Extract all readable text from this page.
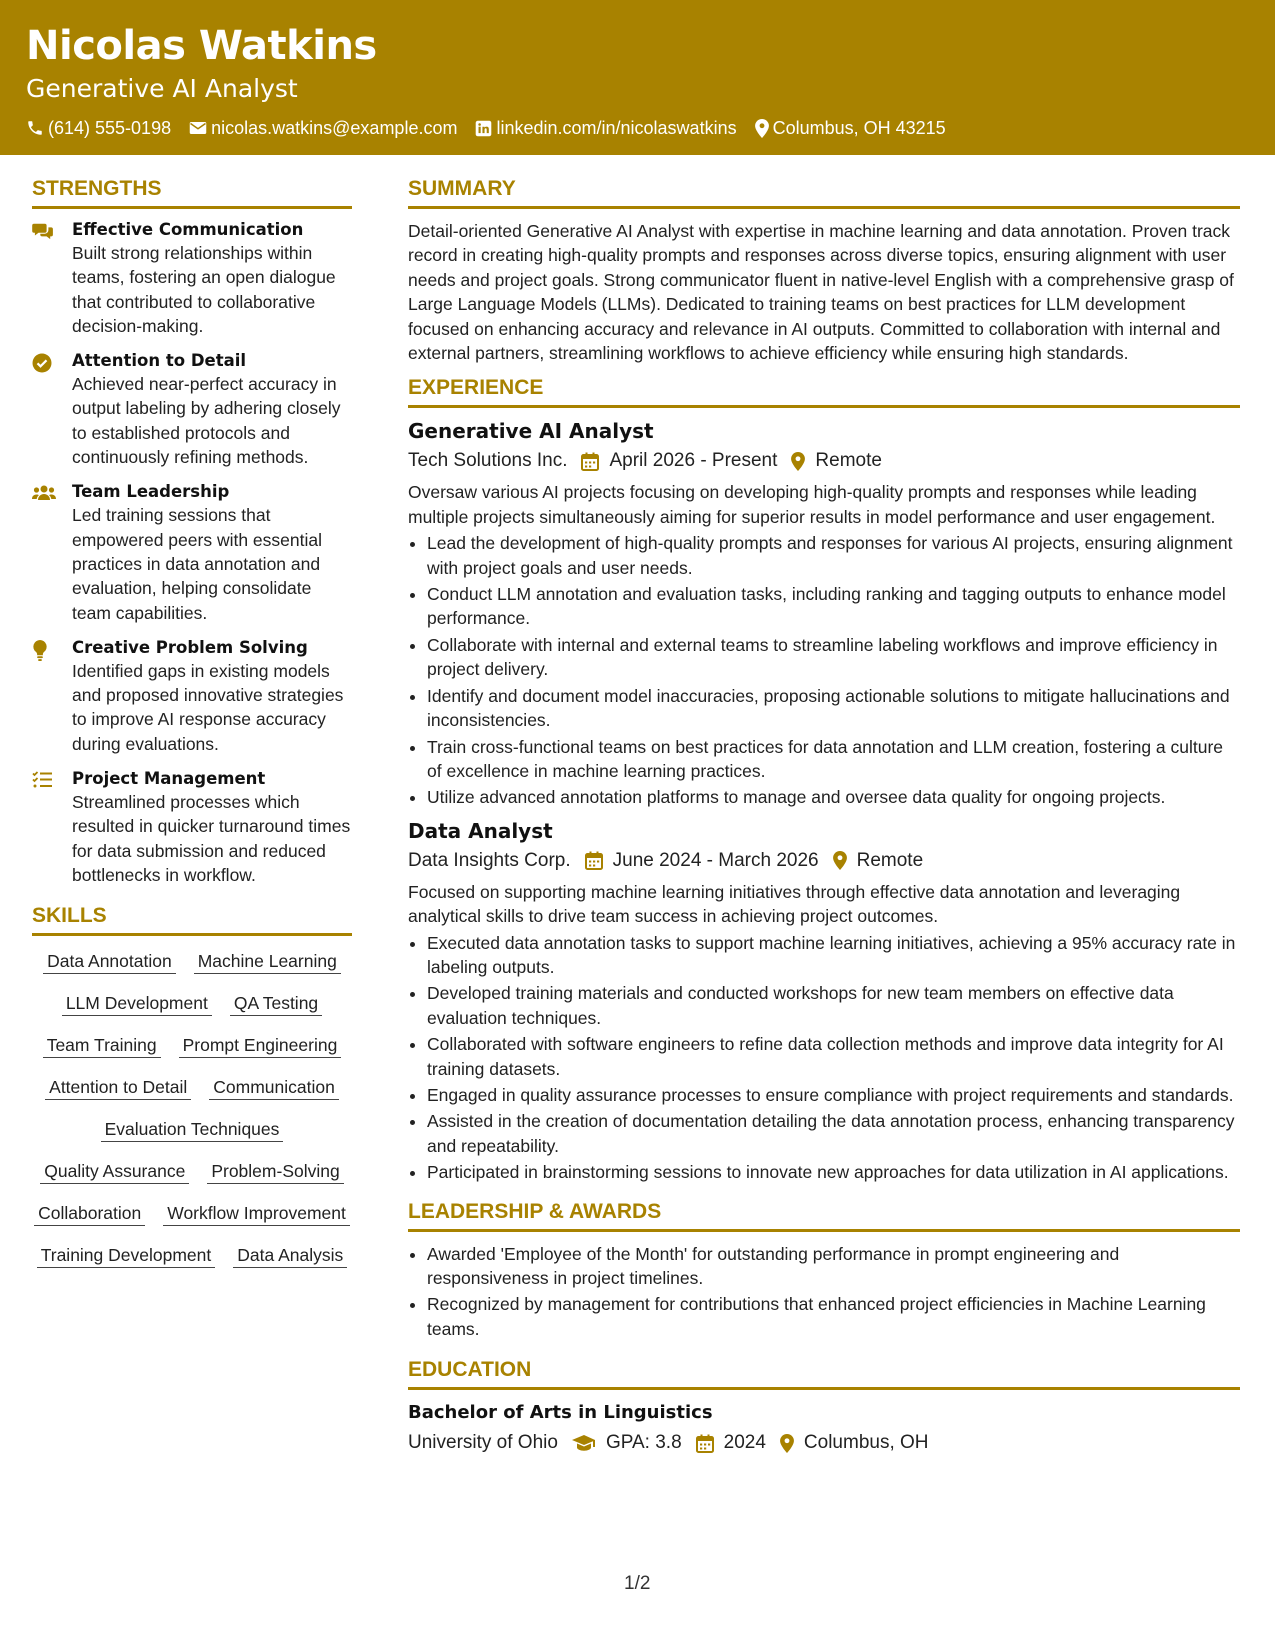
Nicolas Watkins
Generative AI Analyst
(614) 555-0198 nicolas.watkins@example.com linkedin.com/in/nicolaswatkins Columbus, OH 43215
STRENGTHS
Effective Communication
Built strong relationships within teams, fostering an open dialogue that contributed to collaborative decision-making.
Attention to Detail
Achieved near-perfect accuracy in output labeling by adhering closely to established protocols and continuously refining methods.
Team Leadership
Led training sessions that empowered peers with essential practices in data annotation and evaluation, helping consolidate team capabilities.
Creative Problem Solving
Identified gaps in existing models and proposed innovative strategies to improve AI response accuracy during evaluations.
Project Management
Streamlined processes which resulted in quicker turnaround times for data submission and reduced bottlenecks in workflow.
SKILLS
Data Annotation Machine Learning
LLM Development QA Testing
Team Training Prompt Engineering
Attention to Detail Communication
Evaluation Techniques
Quality Assurance Problem-Solving
Collaboration Workflow Improvement
Training Development Data Analysis
SUMMARY

Detail-oriented Generative AI Analyst with expertise in machine learning and data annotation. Proven track record in creating high-quality prompts and responses across diverse topics, ensuring alignment with user needs and project goals. Strong communicator fluent in native-level English with a comprehensive grasp of Large Language Models (LLMs). Dedicated to training teams on best practices for LLM development focused on enhancing accuracy and relevance in AI outputs. Committed to collaboration with internal and external partners, streamlining workflows to achieve efficiency while ensuring high standards.

EXPERIENCE
Generative AI Analyst
Tech Solutions Inc. April 2026 - Present Remote
Oversaw various AI projects focusing on developing high-quality prompts and responses while leading multiple projects simultaneously aiming for superior results in model performance and user engagement.
• Lead the development of high-quality prompts and responses for various AI projects, ensuring alignment with project goals and user needs.
• Conduct LLM annotation and evaluation tasks, including ranking and tagging outputs to enhance model performance.
• Collaborate with internal and external teams to streamline labeling workflows and improve efficiency in project delivery.
• Identify and document model inaccuracies, proposing actionable solutions to mitigate hallucinations and inconsistencies.
• Train cross-functional teams on best practices for data annotation and LLM creation, fostering a culture of excellence in machine learning practices.
• Utilize advanced annotation platforms to manage and oversee data quality for ongoing projects.
Data Analyst
Data Insights Corp. June 2024 - March 2026 Remote
Focused on supporting machine learning initiatives through effective data annotation and leveraging analytical skills to drive team success in achieving project outcomes.
• Executed data annotation tasks to support machine learning initiatives, achieving a 95% accuracy rate in labeling outputs.
• Developed training materials and conducted workshops for new team members on effective data evaluation techniques.
• Collaborated with software engineers to refine data collection methods and improve data integrity for AI training datasets.
• Engaged in quality assurance processes to ensure compliance with project requirements and standards.
• Assisted in the creation of documentation detailing the data annotation process, enhancing transparency and repeatability.
• Participated in brainstorming sessions to innovate new approaches for data utilization in AI applications.
LEADERSHIP & AWARDS
• Awarded 'Employee of the Month' for outstanding performance in prompt engineering and responsiveness in project timelines.
• Recognized by management for contributions that enhanced project efficiencies in Machine Learning teams.
EDUCATION
Bachelor of Arts in Linguistics
University of Ohio	GPA: 3.8 2024 Columbus, OH
1/2
